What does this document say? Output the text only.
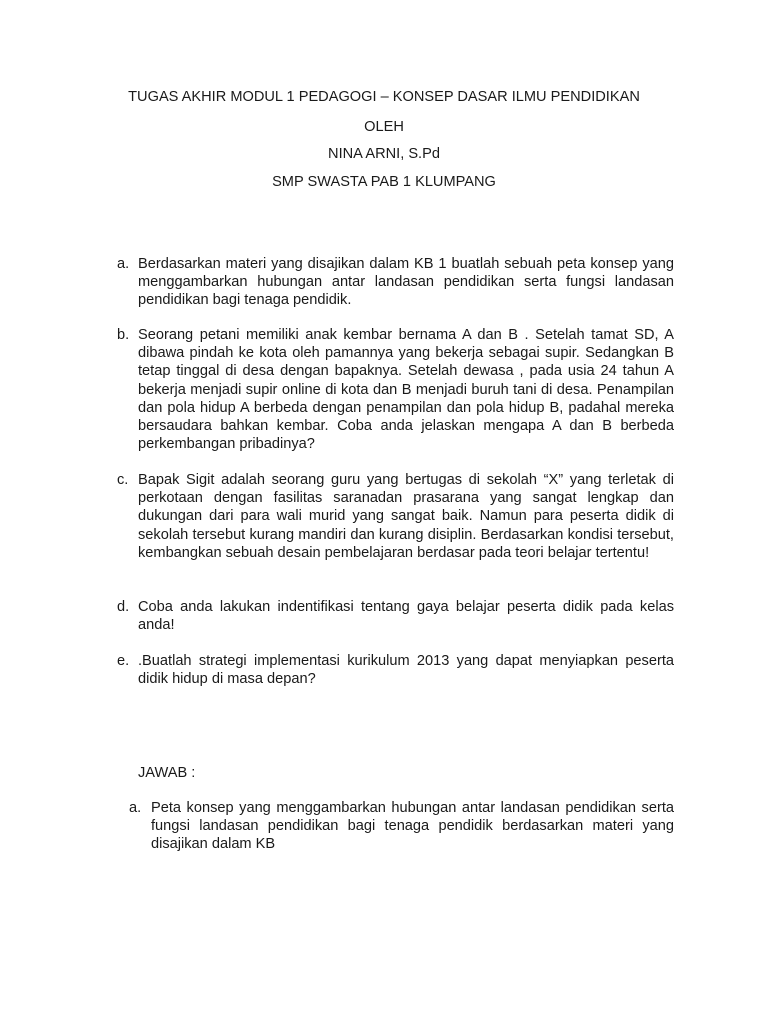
TUGAS AKHIR MODUL 1 PEDAGOGI – KONSEP DASAR ILMU PENDIDIKAN
OLEH
NINA ARNI, S.Pd
SMP SWASTA PAB 1 KLUMPANG
a. Berdasarkan materi yang disajikan dalam KB 1 buatlah sebuah peta konsep yang menggambarkan hubungan antar landasan pendidikan serta fungsi landasan pendidikan bagi tenaga pendidik.
b. Seorang petani memiliki anak kembar bernama A dan B . Setelah tamat SD, A dibawa pindah ke kota oleh pamannya yang bekerja sebagai supir. Sedangkan B tetap tinggal di desa dengan bapaknya. Setelah dewasa , pada usia 24 tahun A bekerja menjadi supir online di kota dan B menjadi buruh tani di desa. Penampilan dan pola hidup A berbeda dengan penampilan dan pola hidup B, padahal mereka bersaudara bahkan kembar. Coba anda jelaskan mengapa A dan B berbeda perkembangan pribadinya?
c. Bapak Sigit adalah seorang guru yang bertugas di sekolah “X” yang terletak di perkotaan dengan fasilitas saranadan prasarana yang sangat lengkap dan dukungan dari para wali murid yang sangat baik. Namun para peserta didik di sekolah tersebut kurang mandiri dan kurang disiplin. Berdasarkan kondisi tersebut, kembangkan sebuah desain pembelajaran berdasar pada teori belajar tertentu!
d. Coba anda lakukan indentifikasi tentang gaya belajar peserta didik pada kelas anda!
e. .Buatlah strategi implementasi kurikulum 2013 yang dapat menyiapkan peserta didik hidup di masa depan?
JAWAB :
a. Peta konsep yang menggambarkan hubungan antar landasan pendidikan serta fungsi landasan pendidikan bagi tenaga pendidik berdasarkan materi yang disajikan dalam KB
